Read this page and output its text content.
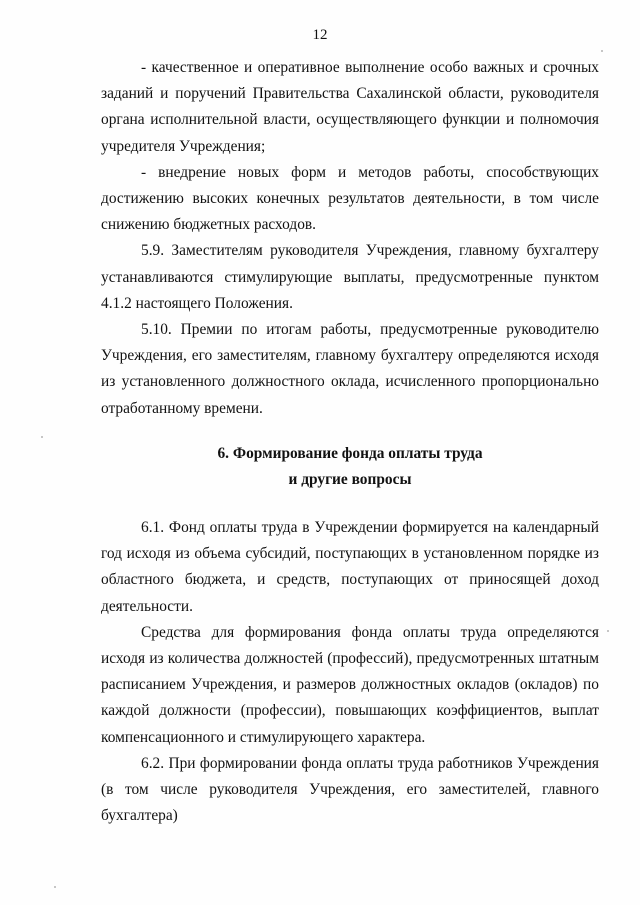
12

- качественное и оперативное выполнение особо важных и срочных заданий и поручений Правительства Сахалинской области, руководителя органа исполнительной власти, осуществляющего функции и полномочия учредителя Учреждения;

- внедрение новых форм и методов работы, способствующих достижению высоких конечных результатов деятельности, в том числе снижению бюджетных расходов.

5.9. Заместителям руководителя Учреждения, главному бухгалтеру устанавливаются стимулирующие выплаты, предусмотренные пунктом 4.1.2 настоящего Положения.

5.10. Премии по итогам работы, предусмотренные руководителю Учреждения, его заместителям, главному бухгалтеру определяются исходя из установленного должностного оклада, исчисленного пропорционально отработанному времени.

6. Формирование фонда оплаты труда
и другие вопросы

6.1. Фонд оплаты труда в Учреждении формируется на календарный год исходя из объема субсидий, поступающих в установленном порядке из областного бюджета, и средств, поступающих от приносящей доход деятельности.

Средства для формирования фонда оплаты труда определяются исходя из количества должностей (профессий), предусмотренных штатным расписанием Учреждения, и размеров должностных окладов (окладов) по каждой должности (профессии), повышающих коэффициентов, выплат компенсационного и стимулирующего характера.

6.2. При формировании фонда оплаты труда работников Учреждения (в том числе руководителя Учреждения, его заместителей, главного бухгалтера)
